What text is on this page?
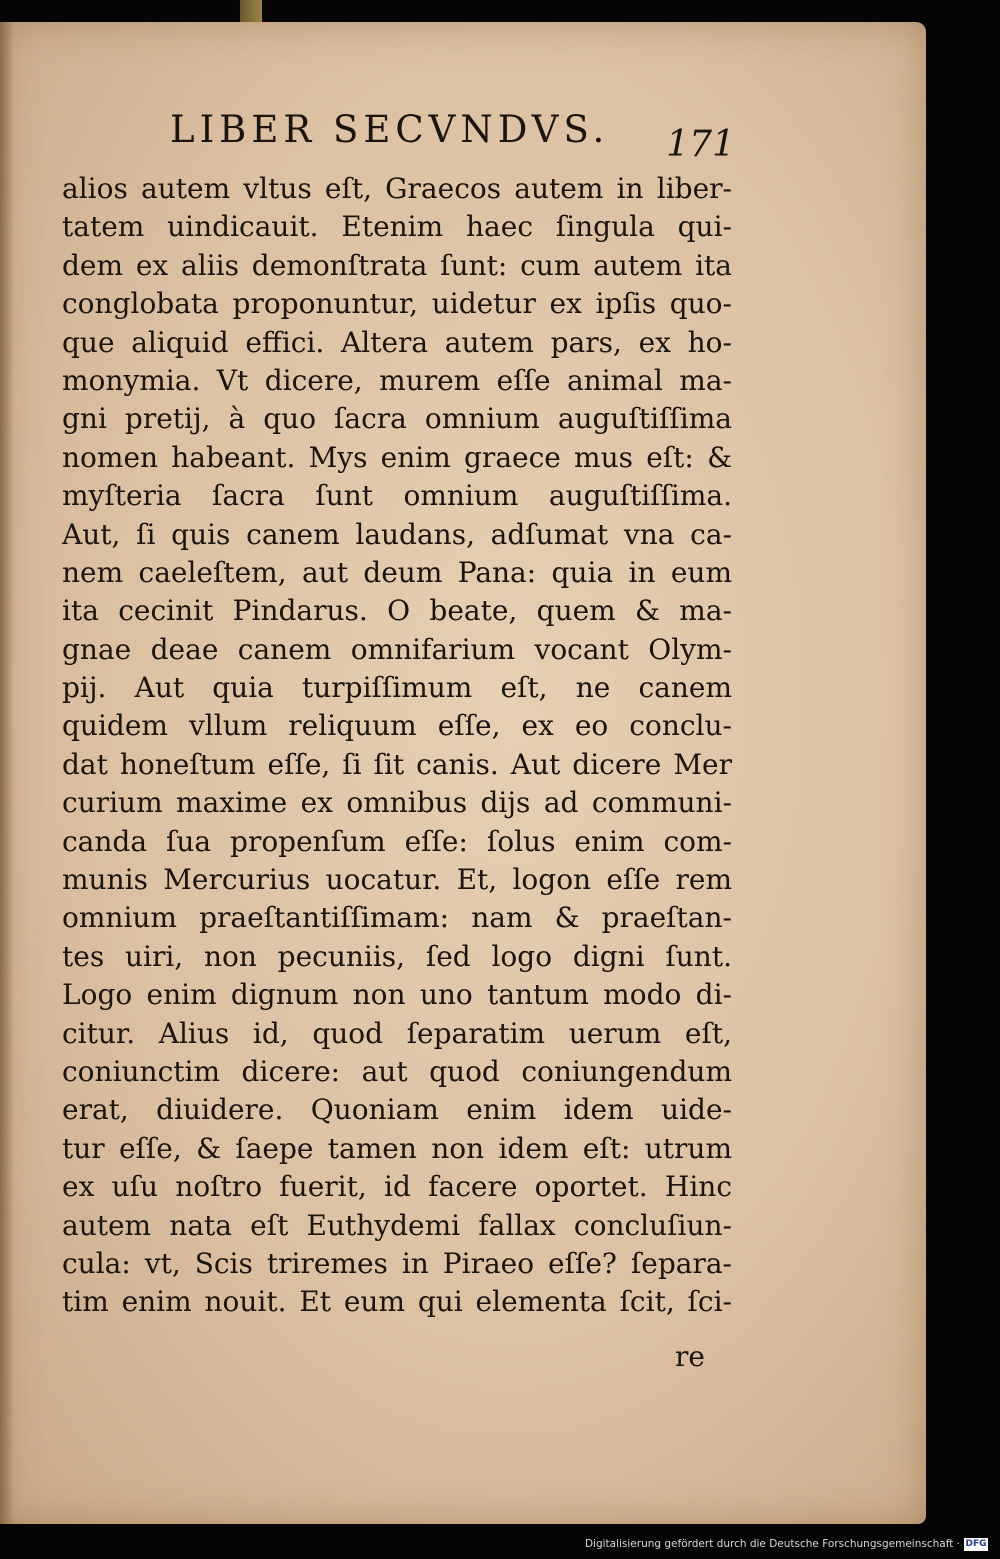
LIBER SECVNDVS.	171
alios autem vltus eſt, Graecos autem in liber-
tatem uindicauit. Etenim haec ſingula qui-
dem ex aliis demonſtrata ſunt: cum autem ita
conglobata proponuntur, uidetur ex ipſis quo-
que aliquid effici. Altera autem pars, ex ho-
monymia. Vt dicere, murem eſſe animal ma-
gni pretij, à quo ſacra omnium auguſtiſſima
nomen habeant. Mys enim graece mus eſt: &
myſteria ſacra ſunt omnium auguſtiſſima.
Aut, ſi quis canem laudans, adſumat vna ca-
nem caeleſtem, aut deum Pana: quia in eum
ita cecinit Pindarus. O beate, quem & ma-
gnae deae canem omnifarium vocant Olym-
pij. Aut quia turpiſſimum eſt, ne canem
quidem vllum reliquum eſſe, ex eo conclu-
dat honeſtum eſſe, ſi ſit canis. Aut dicere Mer
curium maxime ex omnibus dijs ad communi-
canda ſua propenſum eſſe: ſolus enim com-
munis Mercurius uocatur. Et, logon eſſe rem
omnium praeſtantiſſimam: nam & praeſtan-
tes uiri, non pecuniis, ſed logo digni ſunt.
Logo enim dignum non uno tantum modo di-
citur. Alius id, quod ſeparatim uerum eſt,
coniunctim dicere: aut quod coniungendum
erat, diuidere. Quoniam enim idem uide-
tur eſſe, & ſaepe tamen non idem eſt: utrum
ex uſu noſtro fuerit, id facere oportet. Hinc
autem nata eſt Euthydemi fallax concluſiun-
cula: vt, Scis triremes in Piraeo eſſe? ſepara-
tim enim nouit. Et eum qui elementa ſcit, ſci-
re
Digitalisierung gefördert durch die Deutsche Forschungsgemeinschaft · DFG
